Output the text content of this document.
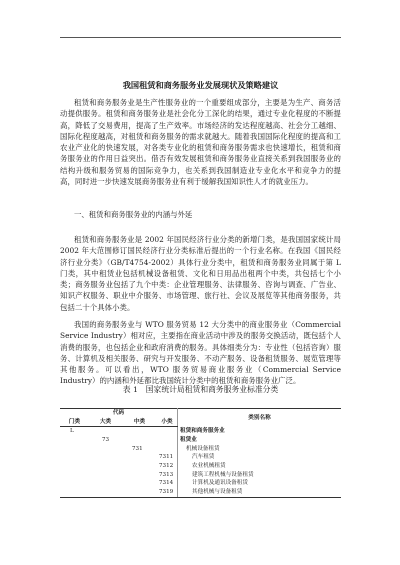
我国租赁和商务服务业发展现状及策略建议
租赁和商务服务业是生产性服务业的一个重要组成部分，主要是为生产、商务活动提供服务。租赁和商务服务业是社会化分工深化的结果，通过专业化程度的不断提高，降低了交易费用，提高了生产效率。市场经济的发达程度越高、社会分工越细、国际化程度越高，对租赁和商务服务的需求就越大。随着我国国际化程度的提高和工农业产业化的快速发展，对各类专业化的租赁和商务服务需求也快速增长，租赁和商务服务业的作用日益突出。借否有效发展租赁和商务服务业直接关系到我国服务业的结构升级和服务贸易的国际竞争力，也关系到我国制造业专业化水平和竞争力的提高，同时进一步快速发展商务服务业有利于缓解我国知识性人才的就业压力。
一、租赁和商务服务业的内涵与外延
租赁和商务服务业是 2002 年国民经济行业分类的新增门类，是我国国家统计局 2002 年大范围修订国民经济行业分类标准后提出的一个行业名称。在我国《国民经济行业分类》（GB/T4754-2002）具体行业分类中，租赁和商务服务业同属于第 L 门类，其中租赁业包括机械设备租赁、文化和日用品出租两个中类，共包括七个小类；商务服务业包括了九个中类：企业管理服务、法律服务、咨询与调查、广告业、知识产权服务、职业中介服务、市场管理、旅行社、会议及展览等其他商务服务，共包括二十个具体小类。
我国的商务服务业与 WTO 服务贸易 12 大分类中的商业服务业（Commercial Service Industry）相对应，主要指在商业活动中涉及的服务交换活动，既包括个人消费的服务，也包括企业和政府消费的服务。具体细类分为：专业性（包括咨询）服务、计算机及相关服务、研究与开发服务、不动产服务、设备租赁服务、展览管理等其他服务。可以看出，WTO 服务贸易商业服务业（Commercial Service Industry）的内涵和外延都比我国统计分类中的租赁和商务服务业广泛。
表 1　国家统计局租赁和商务服务业标准分类
代码				类别名称
门类	大类	中类	小类	
L				租赁和商务服务业
	73			租赁业
		731		机械设备租赁
			7311	汽车租赁
			7312	农业机械租赁
			7313	建筑工程机械与设备租赁
			7314	计算机及通讯设备租赁
			7319	其他机械与设备租赁
